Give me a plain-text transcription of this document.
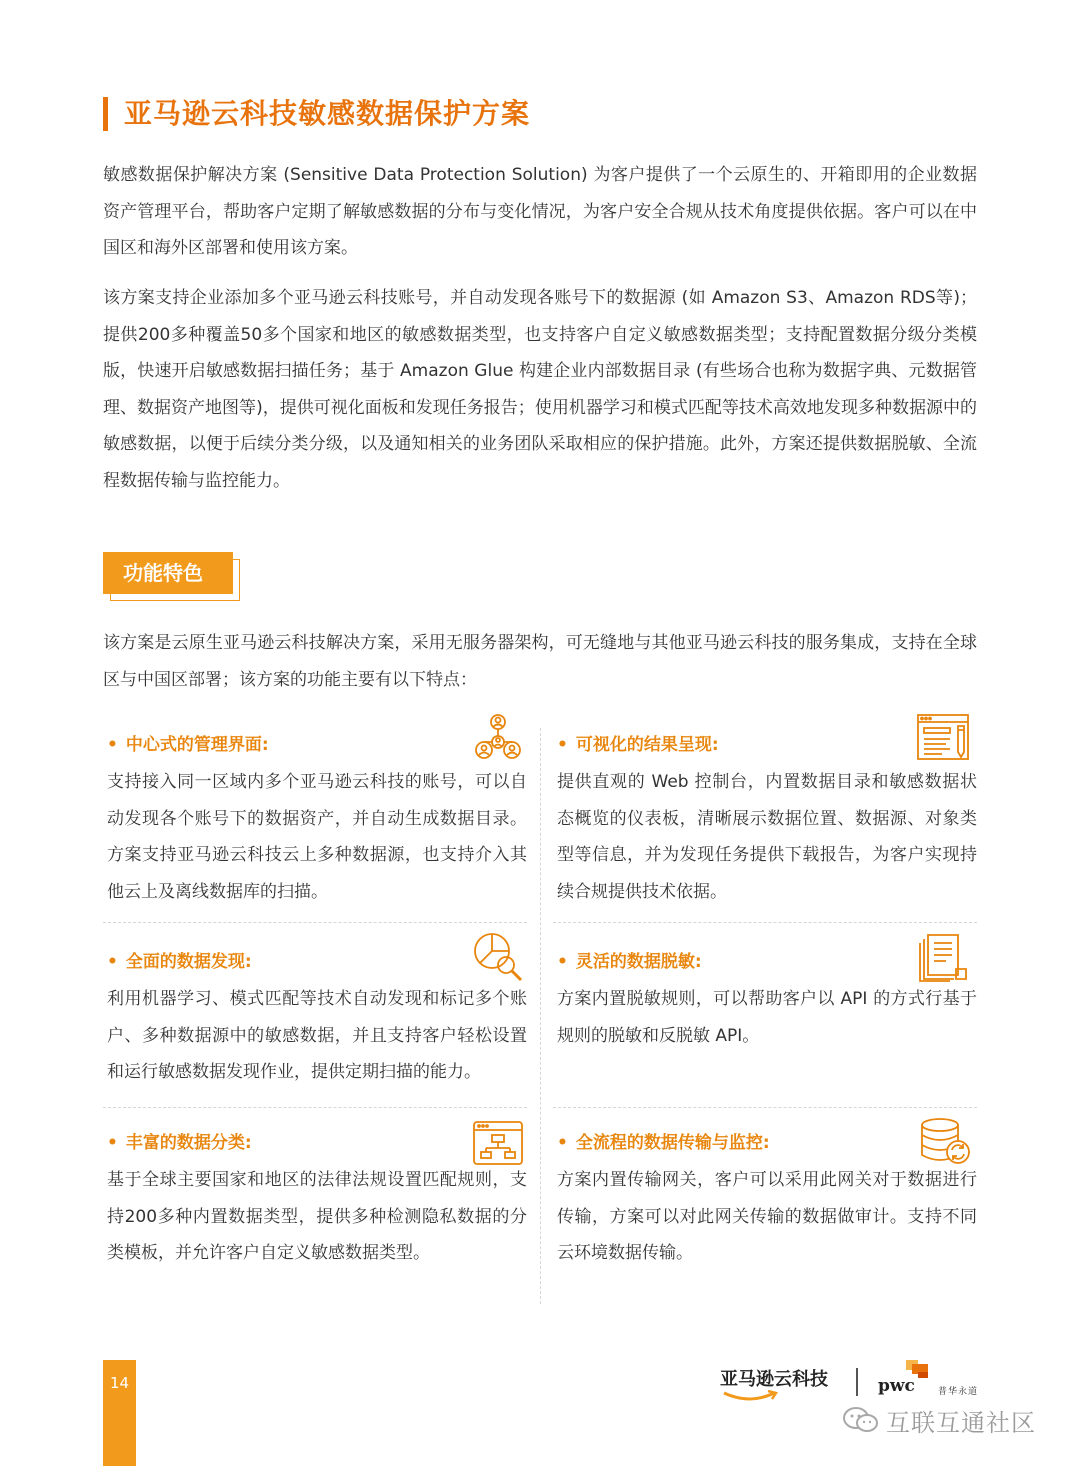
亚马逊云科技敏感数据保护方案

敏感数据保护解决方案 (Sensitive Data Protection Solution) 为客户提供了一个云原生的、开箱即用的企业数据资产管理平台，帮助客户定期了解敏感数据的分布与变化情况，为客户安全合规从技术角度提供依据。客户可以在中国区和海外区部署和使用该方案。

该方案支持企业添加多个亚马逊云科技账号，并自动发现各账号下的数据源 (如 Amazon S3、Amazon RDS等)；提供200多种覆盖50多个国家和地区的敏感数据类型，也支持客户自定义敏感数据类型；支持配置数据分级分类模版，快速开启敏感数据扫描任务；基于 Amazon Glue 构建企业内部数据目录 (有些场合也称为数据字典、元数据管理、数据资产地图等)，提供可视化面板和发现任务报告；使用机器学习和模式匹配等技术高效地发现多种数据源中的敏感数据，以便于后续分类分级，以及通知相关的业务团队采取相应的保护措施。此外，方案还提供数据脱敏、全流程数据传输与监控能力。

功能特色

该方案是云原生亚马逊云科技解决方案，采用无服务器架构，可无缝地与其他亚马逊云科技的服务集成，支持在全球区与中国区部署；该方案的功能主要有以下特点：

• 中心式的管理界面:
支持接入同一区域内多个亚马逊云科技的账号，可以自动发现各个账号下的数据资产，并自动生成数据目录。方案支持亚马逊云科技云上多种数据源，也支持介入其他云上及离线数据库的扫描。
• 可视化的结果呈现:
提供直观的 Web 控制台，内置数据目录和敏感数据状态概览的仪表板，清晰展示数据位置、数据源、对象类型等信息，并为发现任务提供下载报告，为客户实现持续合规提供技术依据。
• 全面的数据发现:
利用机器学习、模式匹配等技术自动发现和标记多个账户、多种数据源中的敏感数据，并且支持客户轻松设置和运行敏感数据发现作业，提供定期扫描的能力。
• 灵活的数据脱敏:
方案内置脱敏规则，可以帮助客户以 API 的方式行基于规则的脱敏和反脱敏 API。
• 丰富的数据分类:
基于全球主要国家和地区的法律法规设置匹配规则，支持200多种内置数据类型，提供多种检测隐私数据的分类模板，并允许客户自定义敏感数据类型。
• 全流程的数据传输与监控:
方案内置传输网关，客户可以采用此网关对于数据进行传输，方案可以对此网关传输的数据做审计。支持不同云环境数据传输。
14	亚马逊云科技	pwc	普华永道
互联互通社区
